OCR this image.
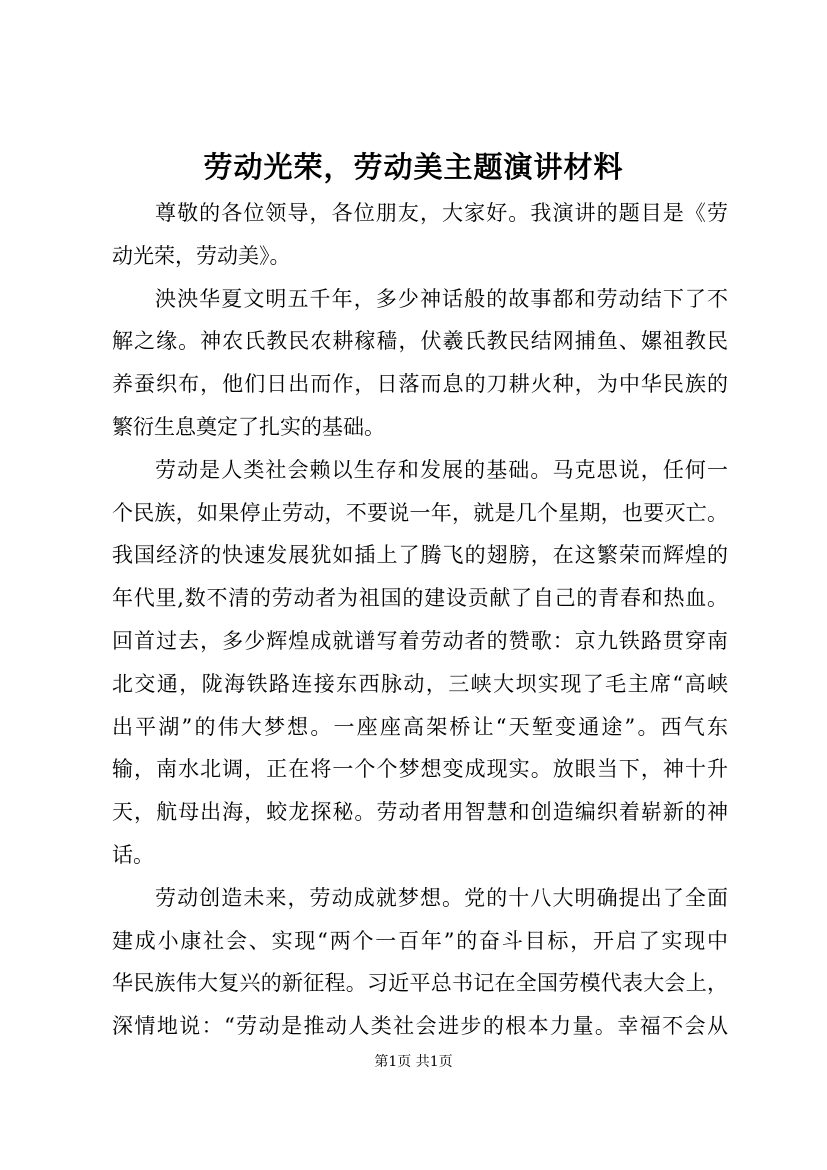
劳动光荣，劳动美主题演讲材料
尊敬的各位领导，各位朋友，大家好。我演讲的题目是《劳
动光荣，劳动美》。
泱泱华夏文明五千年，多少神话般的故事都和劳动结下了不
解之缘。神农氏教民农耕稼穑，伏羲氏教民结网捕鱼、嫘祖教民
养蚕织布，他们日出而作，日落而息的刀耕火种，为中华民族的
繁衍生息奠定了扎实的基础。
劳动是人类社会赖以生存和发展的基础。马克思说，任何一
个民族，如果停止劳动，不要说一年，就是几个星期，也要灭亡。
我国经济的快速发展犹如插上了腾飞的翅膀，在这繁荣而辉煌的
年代里,数不清的劳动者为祖国的建设贡献了自己的青春和热血。
回首过去，多少辉煌成就谱写着劳动者的赞歌：京九铁路贯穿南
北交通，陇海铁路连接东西脉动，三峡大坝实现了毛主席“高峡
出平湖”的伟大梦想。一座座高架桥让“天堑变通途”。西气东
输，南水北调，正在将一个个梦想变成现实。放眼当下，神十升
天，航母出海，蛟龙探秘。劳动者用智慧和创造编织着崭新的神
话。
劳动创造未来，劳动成就梦想。党的十八大明确提出了全面
建成小康社会、实现“两个一百年”的奋斗目标，开启了实现中
华民族伟大复兴的新征程。习近平总书记在全国劳模代表大会上，
深情地说：“劳动是推动人类社会进步的根本力量。幸福不会从
第1页 共1页
